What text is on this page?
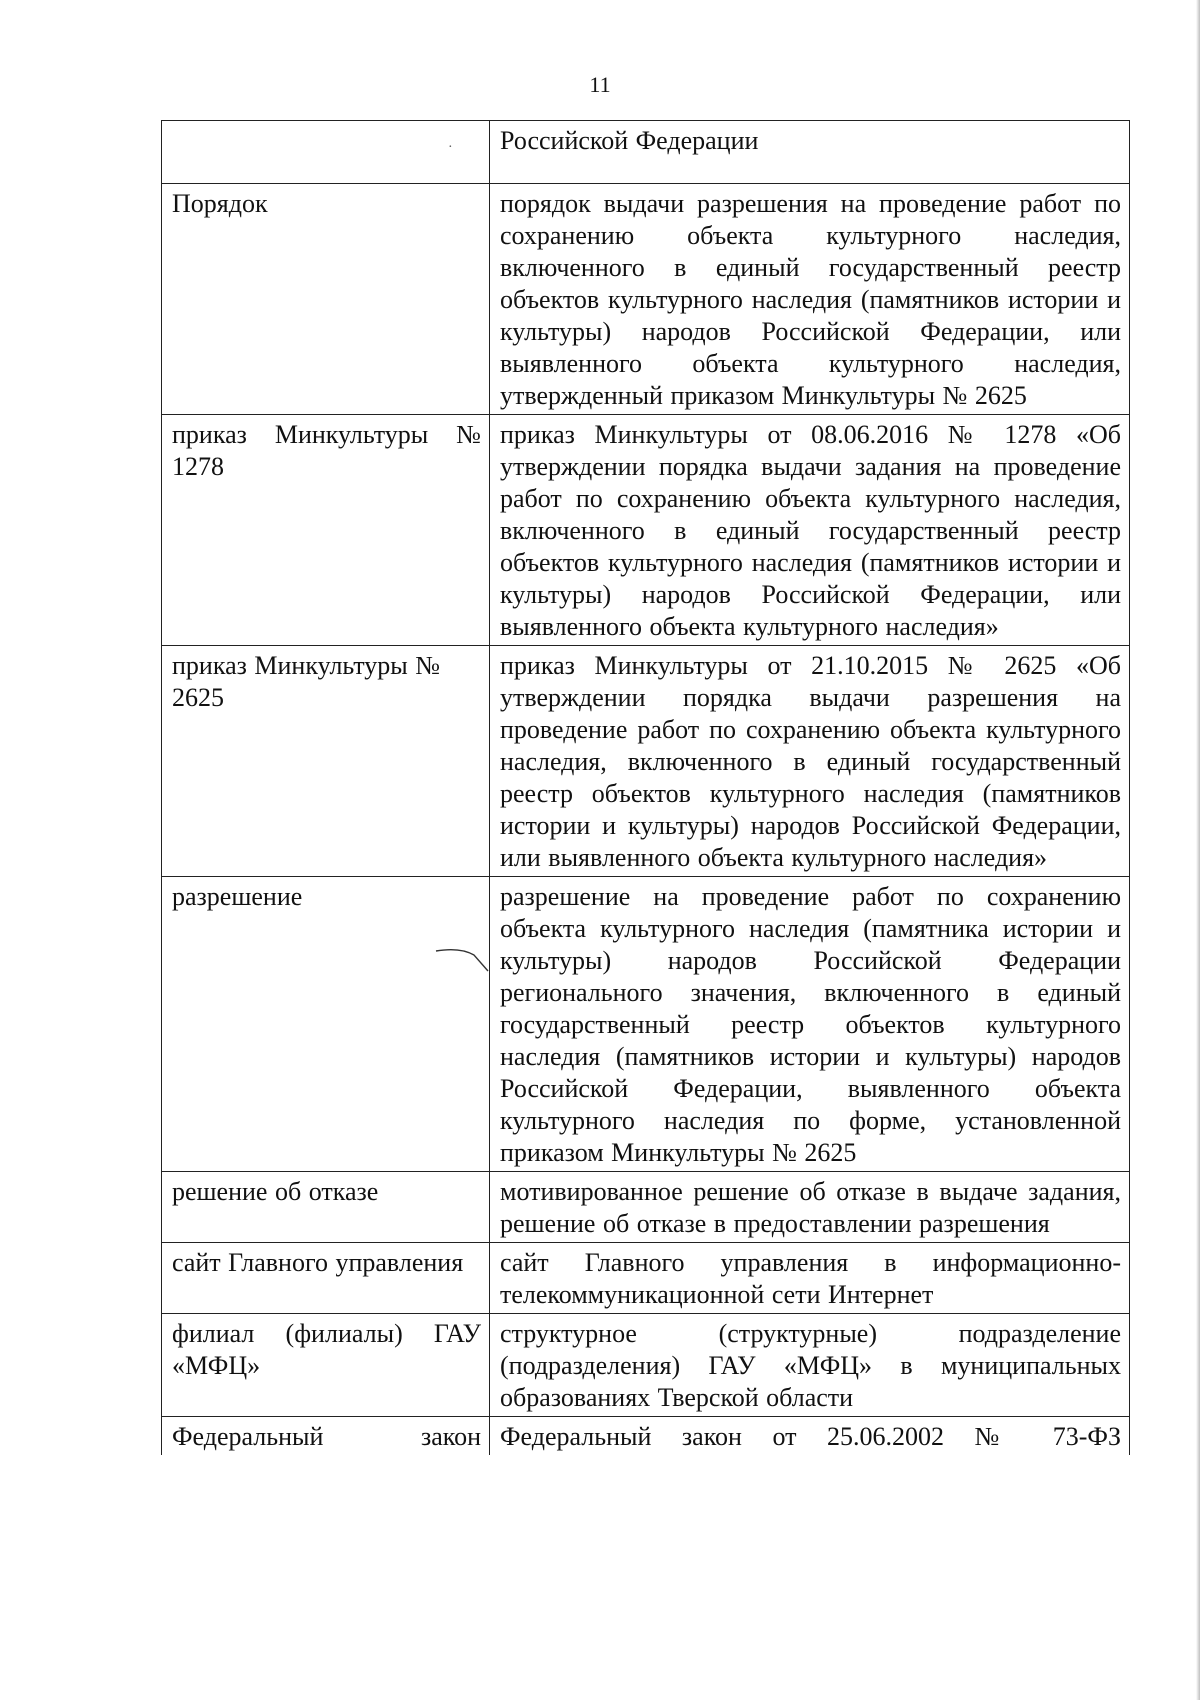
11
	Российской Федерации
Порядок	порядок выдачи разрешения на проведение работ по сохранению объекта культурного наследия, включенного в единый государственный реестр объектов культурного наследия (памятников истории и культуры) народов Российской Федерации, или выявленного объекта культурного наследия, утвержденный приказом Минкультуры № 2625
приказ Минкультуры № 1278	приказ Минкультуры от 08.06.2016 № 1278 «Об утверждении порядка выдачи задания на проведение работ по сохранению объекта культурного наследия, включенного в единый государственный реестр объектов культурного наследия (памятников истории и культуры) народов Российской Федерации, или выявленного объекта культурного наследия»
приказ Минкультуры № 2625	приказ Минкультуры от 21.10.2015 № 2625 «Об утверждении порядка выдачи разрешения на проведение работ по сохранению объекта культурного наследия, включенного в единый государственный реестр объектов культурного наследия (памятников истории и культуры) народов Российской Федерации, или выявленного объекта культурного наследия»
разрешение	разрешение на проведение работ по сохранению объекта культурного наследия (памятника истории и культуры) народов Российской Федерации регионального значения, включенного в единый государственный реестр объектов культурного наследия (памятников истории и культуры) народов Российской Федерации, выявленного объекта культурного наследия по форме, установленной приказом Минкультуры № 2625
решение об отказе	мотивированное решение об отказе в выдаче задания, решение об отказе в предоставлении разрешения
сайт Главного управления	сайт Главного управления в информационно-телекоммуникационной сети Интернет
филиал (филиалы) ГАУ «МФЦ»	структурное (структурные) подразделение (подразделения) ГАУ «МФЦ» в муниципальных образованиях Тверской области
Федеральный закон	Федеральный закон от 25.06.2002 № 73-ФЗ
·
